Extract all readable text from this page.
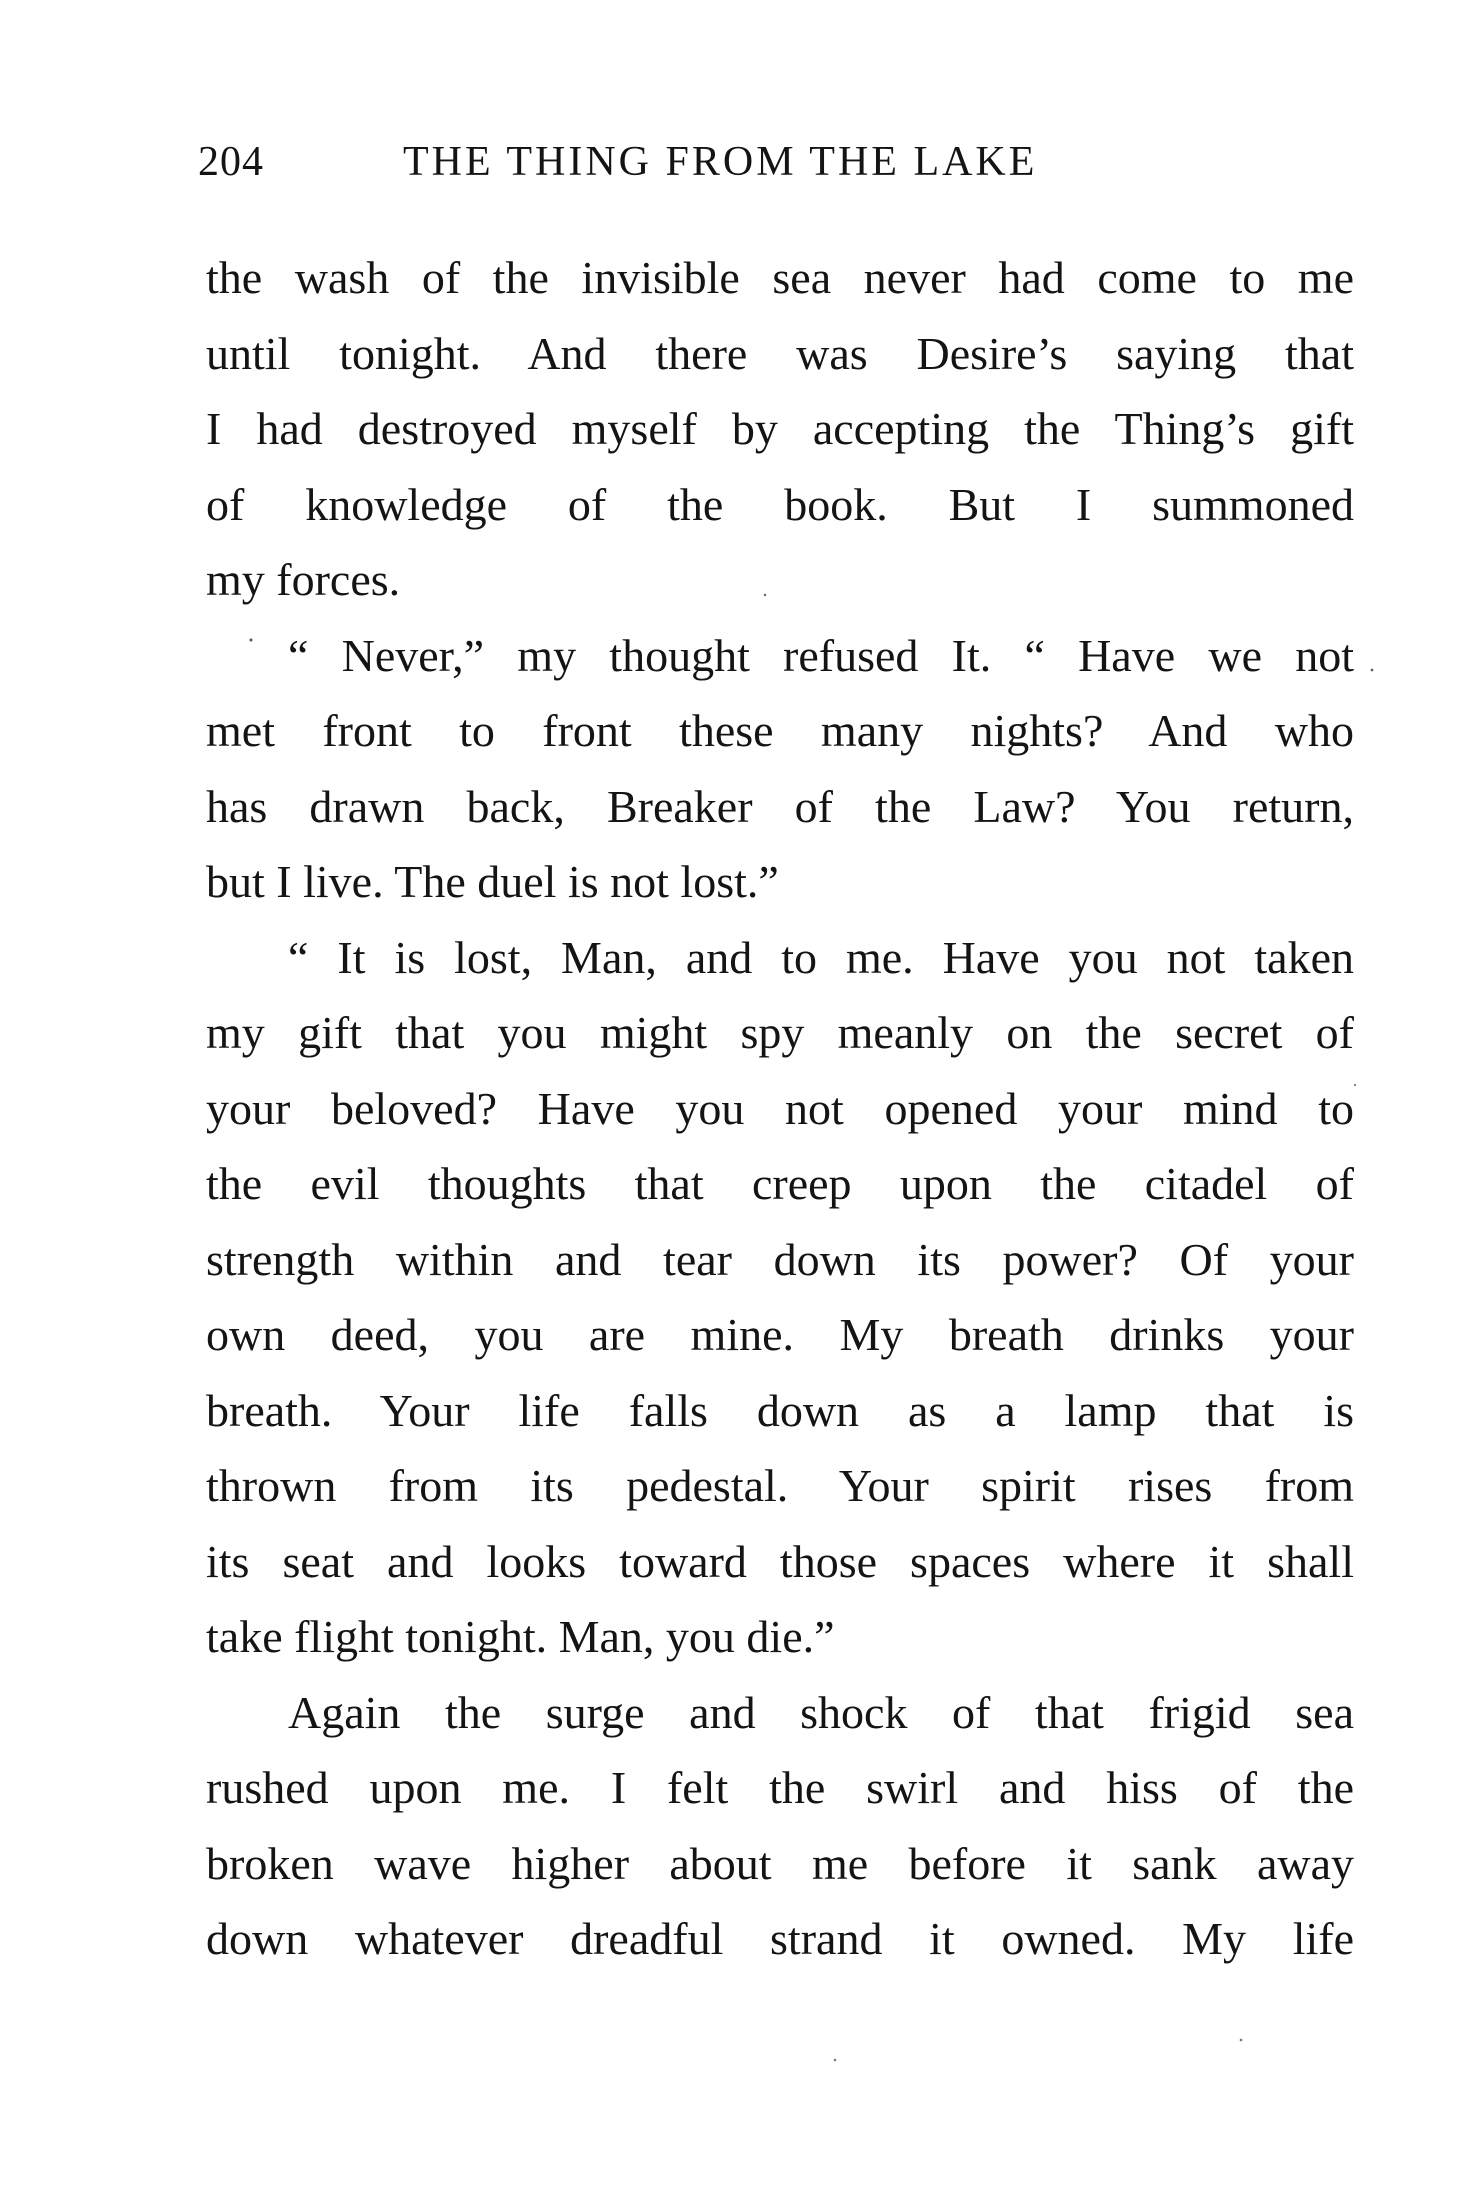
204	THE THING FROM THE LAKE
the wash of the invisible sea never had come to me
until tonight. And there was Desire’s saying that
I had destroyed myself by accepting the Thing’s gift
of knowledge of the book. But I summoned
my forces.
“ Never,” my thought refused It. “ Have we not
met front to front these many nights? And who
has drawn back, Breaker of the Law? You return,
but I live. The duel is not lost.”
“ It is lost, Man, and to me. Have you not taken
my gift that you might spy meanly on the secret of
your beloved? Have you not opened your mind to
the evil thoughts that creep upon the citadel of
strength within and tear down its power? Of your
own deed, you are mine. My breath drinks your
breath. Your life falls down as a lamp that is
thrown from its pedestal. Your spirit rises from
its seat and looks toward those spaces where it shall
take flight tonight. Man, you die.”
Again the surge and shock of that frigid sea
rushed upon me. I felt the swirl and hiss of the
broken wave higher about me before it sank away
down whatever dreadful strand it owned. My life
